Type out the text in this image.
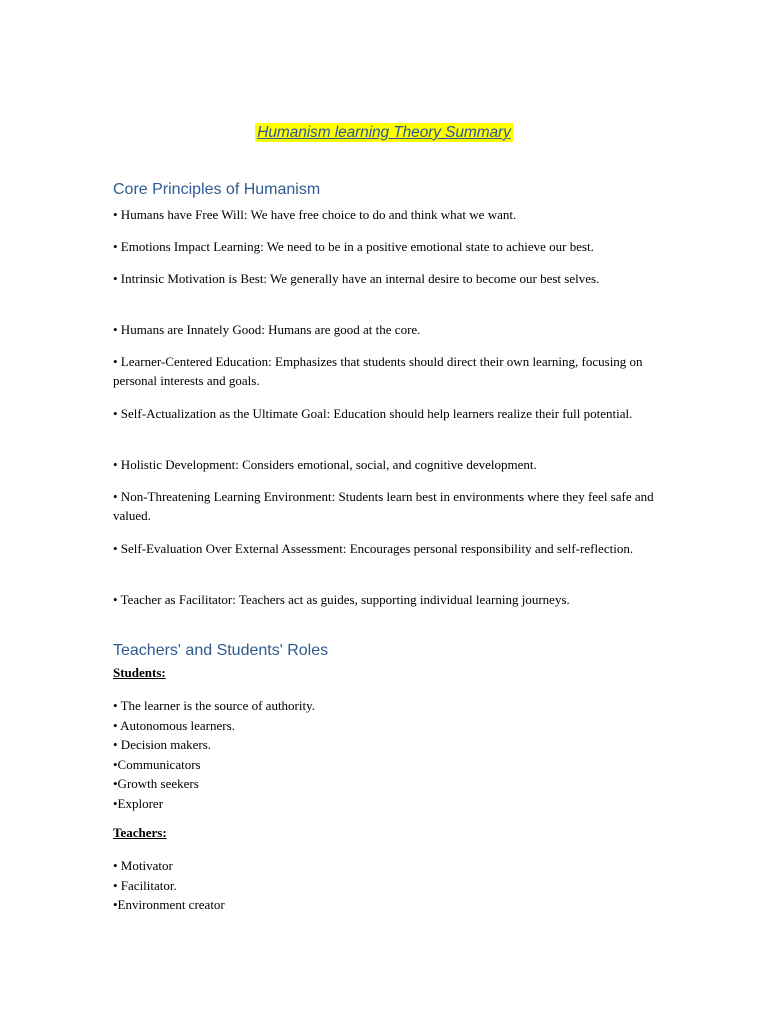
Humanism learning Theory Summary
Core Principles of Humanism

• Humans have Free Will: We have free choice to do and think what we want.

• Emotions Impact Learning: We need to be in a positive emotional state to achieve our best.

• Intrinsic Motivation is Best: We generally have an internal desire to become our best selves.

• Humans are Innately Good: Humans are good at the core.

• Learner-Centered Education: Emphasizes that students should direct their own learning, focusing on personal interests and goals.

• Self-Actualization as the Ultimate Goal: Education should help learners realize their full potential.

• Holistic Development: Considers emotional, social, and cognitive development.

• Non-Threatening Learning Environment: Students learn best in environments where they feel safe and valued.

• Self-Evaluation Over External Assessment: Encourages personal responsibility and self-reflection.

• Teacher as Facilitator: Teachers act as guides, supporting individual learning journeys.

Teachers' and Students' Roles

Students:

• The learner is the source of authority.
• Autonomous learners.
• Decision makers.
•Communicators
•Growth seekers
•Explorer

Teachers:

• Motivator
• Facilitator.
•Environment creator
